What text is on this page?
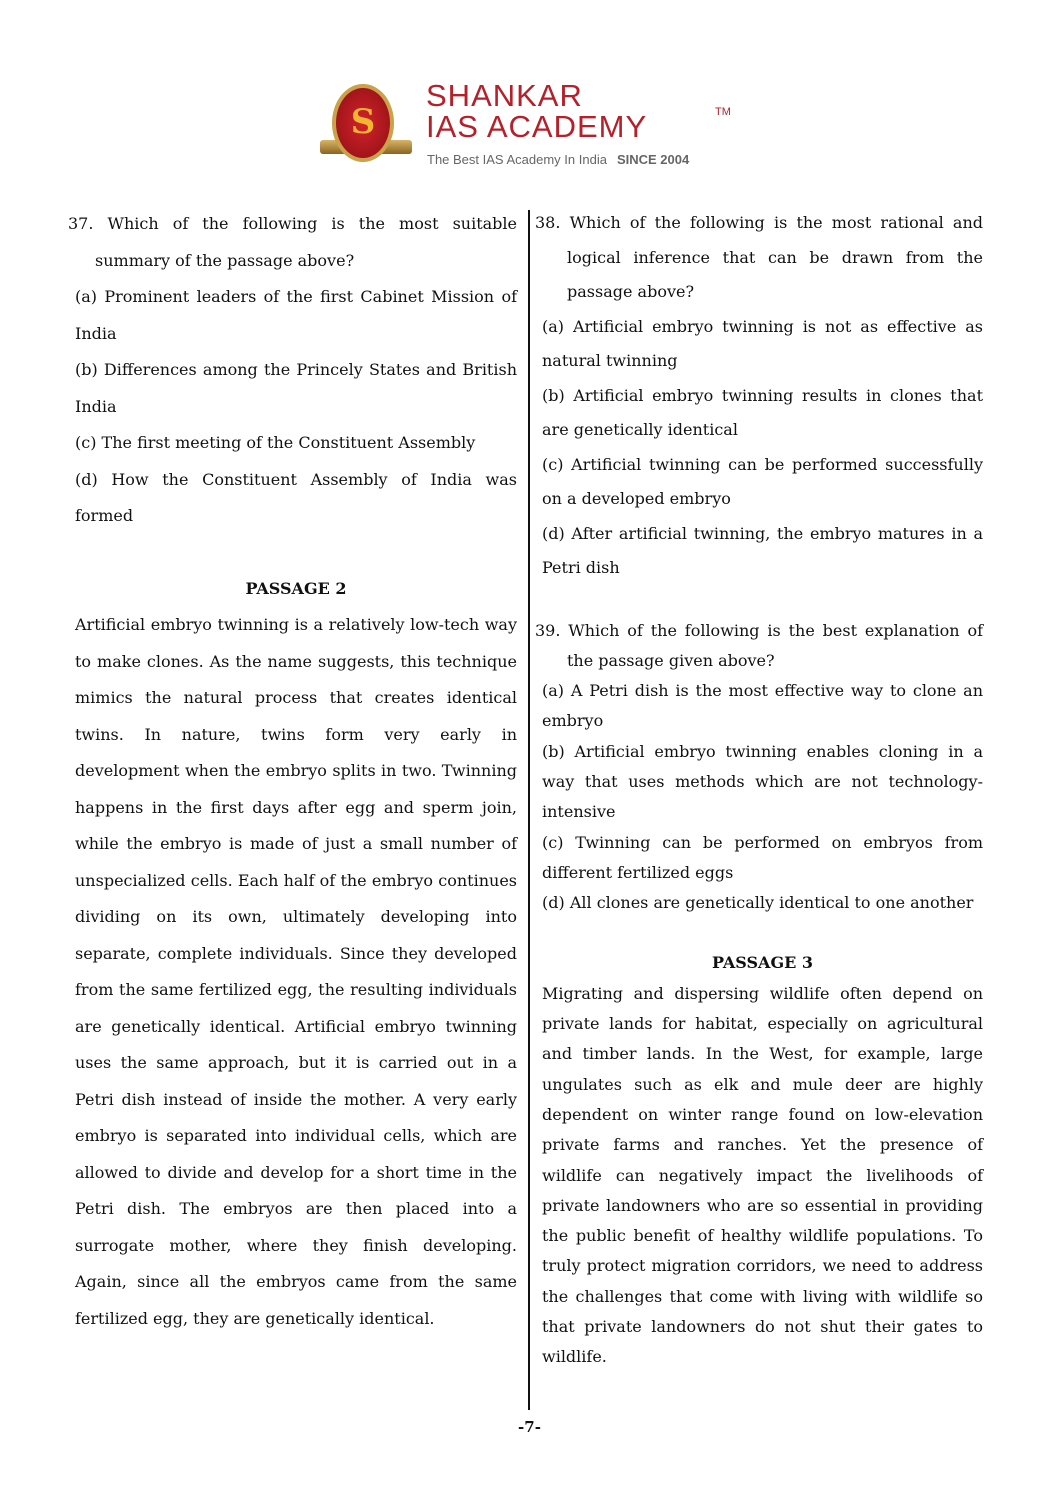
S
SHANKAR
IAS ACADEMY	TM
The Best IAS Academy In India SINCE 2004

37. Which of the following is the most suitable summary of the passage above?

(a) Prominent leaders of the first Cabinet Mission of India

(b) Differences among the Princely States and British India

(c) The first meeting of the Constituent Assembly

(d) How the Constituent Assembly of India was formed

PASSAGE 2

Artificial embryo twinning is a relatively low-tech way to make clones. As the name suggests, this technique mimics the natural process that creates identical twins. In nature, twins form very early in development when the embryo splits in two. Twinning happens in the first days after egg and sperm join, while the embryo is made of just a small number of unspecialized cells. Each half of the embryo continues dividing on its own, ultimately developing into separate, complete individuals. Since they developed from the same fertilized egg, the resulting individuals are genetically identical. Artificial embryo twinning uses the same approach, but it is carried out in a Petri dish instead of inside the mother. A very early embryo is separated into individual cells, which are allowed to divide and develop for a short time in the Petri dish. The embryos are then placed into a surrogate mother, where they finish developing. Again, since all the embryos came from the same fertilized egg, they are genetically identical.

38. Which of the following is the most rational and logical inference that can be drawn from the passage above?

(a) Artificial embryo twinning is not as effective as natural twinning

(b) Artificial embryo twinning results in clones that are genetically identical

(c) Artificial twinning can be performed successfully on a developed embryo

(d) After artificial twinning, the embryo matures in a Petri dish

39. Which of the following is the best explanation of the passage given above?

(a) A Petri dish is the most effective way to clone an embryo

(b) Artificial embryo twinning enables cloning in a way that uses methods which are not technology-intensive

(c) Twinning can be performed on embryos from different fertilized eggs

(d) All clones are genetically identical to one another

PASSAGE 3

Migrating and dispersing wildlife often depend on private lands for habitat, especially on agricultural and timber lands. In the West, for example, large ungulates such as elk and mule deer are highly dependent on winter range found on low-elevation private farms and ranches. Yet the presence of wildlife can negatively impact the livelihoods of private landowners who are so essential in providing the public benefit of healthy wildlife populations. To truly protect migration corridors, we need to address the challenges that come with living with wildlife so that private landowners do not shut their gates to wildlife.

-7-
